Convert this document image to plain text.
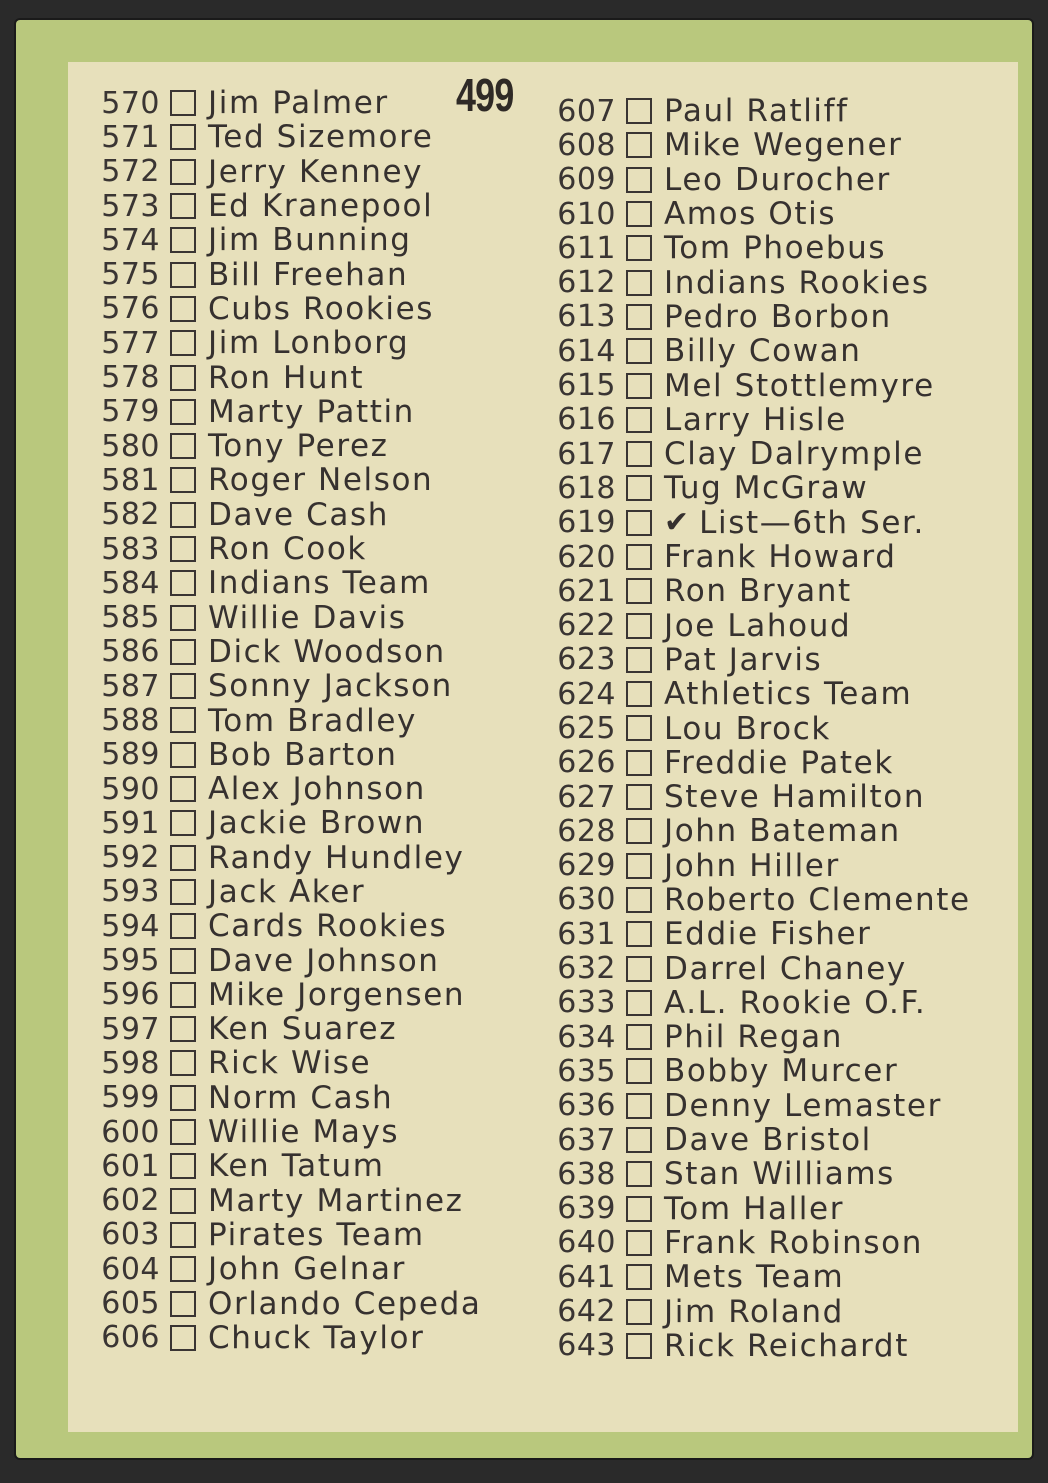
499
570 Jim Palmer
571 Ted Sizemore
572 Jerry Kenney
573 Ed Kranepool
574 Jim Bunning
575 Bill Freehan
576 Cubs Rookies
577 Jim Lonborg
578 Ron Hunt
579 Marty Pattin
580 Tony Perez
581 Roger Nelson
582 Dave Cash
583 Ron Cook
584 Indians Team
585 Willie Davis
586 Dick Woodson
587 Sonny Jackson
588 Tom Bradley
589 Bob Barton
590 Alex Johnson
591 Jackie Brown
592 Randy Hundley
593 Jack Aker
594 Cards Rookies
595 Dave Johnson
596 Mike Jorgensen
597 Ken Suarez
598 Rick Wise
599 Norm Cash
600 Willie Mays
601 Ken Tatum
602 Marty Martinez
603 Pirates Team
604 John Gelnar
605 Orlando Cepeda
606 Chuck Taylor
607 Paul Ratliff
608 Mike Wegener
609 Leo Durocher
610 Amos Otis
611 Tom Phoebus
612 Indians Rookies
613 Pedro Borbon
614 Billy Cowan
615 Mel Stottlemyre
616 Larry Hisle
617 Clay Dalrymple
618 Tug McGraw
619 ✔ List—6th Ser.
620 Frank Howard
621 Ron Bryant
622 Joe Lahoud
623 Pat Jarvis
624 Athletics Team
625 Lou Brock
626 Freddie Patek
627 Steve Hamilton
628 John Bateman
629 John Hiller
630 Roberto Clemente
631 Eddie Fisher
632 Darrel Chaney
633 A.L. Rookie O.F.
634 Phil Regan
635 Bobby Murcer
636 Denny Lemaster
637 Dave Bristol
638 Stan Williams
639 Tom Haller
640 Frank Robinson
641 Mets Team
642 Jim Roland
643 Rick Reichardt
